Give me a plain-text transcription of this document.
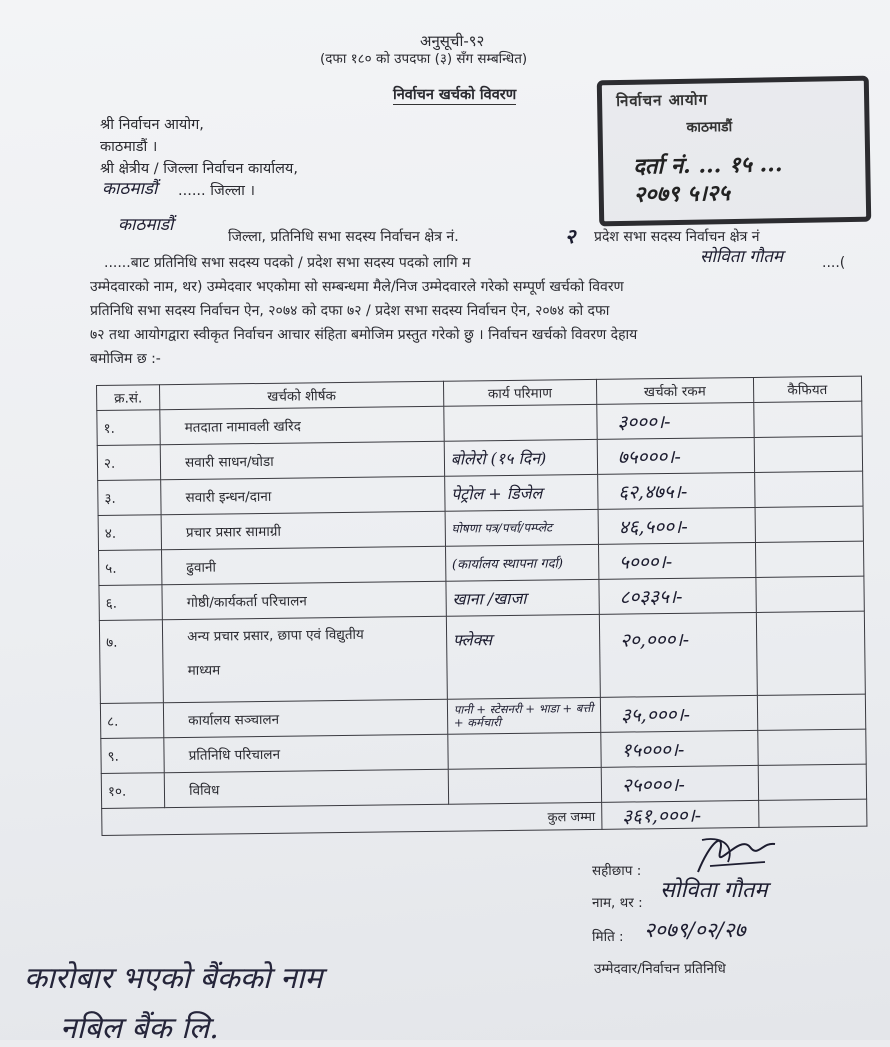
अनुसूची-९२
(दफा १८० को उपदफा (३) सँग सम्बन्धित)
निर्वाचन खर्चको विवरण	निर्वाचन आयोग
काठमाडौं
दर्ता नं. ... १५ ...
२०७९ ५।२५
श्री निर्वाचन आयोग,
काठमाडौं ।
श्री क्षेत्रीय / जिल्ला निर्वाचन कार्यालय,
काठमाडौं ...... जिल्ला ।
काठमाडौं
जिल्ला, प्रतिनिधि सभा सदस्य निर्वाचन क्षेत्र नं.	२ प्रदेश सभा सदस्य निर्वाचन क्षेत्र नं
......बाट प्रतिनिधि सभा सदस्य पदको / प्रदेश सभा सदस्य पदको लागि म	सोविता गौतम	....(
उम्मेदवारको नाम, थर) उम्मेदवार भएकोमा सो सम्बन्धमा मैले/निज उम्मेदवारले गरेको सम्पूर्ण खर्चको विवरण
प्रतिनिधि सभा सदस्य निर्वाचन ऐन, २०७४ को दफा ७२ / प्रदेश सभा सदस्य निर्वाचन ऐन, २०७४ को दफा
७२ तथा आयोगद्वारा स्वीकृत निर्वाचन आचार संहिता बमोजिम प्रस्तुत गरेको छु । निर्वाचन खर्चको विवरण देहाय
बमोजिम छ :-
क्र.सं.	खर्चको शीर्षक	कार्य परिमाण	खर्चको रकम	कैफियत
१.	मतदाता नामावली खरिद		३०००।-	
२.	सवारी साधन/घोडा	बोलेरो (१५ दिन)	७५०००।-	
३.	सवारी इन्धन/दाना	पेट्रोल + डिजेल	६२,४७५।-	
४.	प्रचार प्रसार सामाग्री	घोषणा पत्र/पर्चा/पम्प्लेट	४६,५००।-	
५.	ढुवानी	(कार्यालय स्थापना गर्दा)	५०००।-	
६.	गोष्ठी/कार्यकर्ता परिचालन	खाना /खाजा	८०३३५।-	
७.	अन्य प्रचार प्रसार, छापा एवं विद्युतीय
माध्यम	फ्लेक्स	२०,०००।-	
८.	कार्यालय सञ्चालन	पानी + स्टेसनरी + भाडा + बत्ती + कर्मचारी	३५,०००।-	
९.	प्रतिनिधि परिचालन		१५०००।-	
१०.	विविध		२५०००।-	
कुल जम्मा			३६१,०००।-	
सहीछाप :
नाम, थर : सोविता गौतम
मिति : २०७९/०२/२७
उम्मेदवार/निर्वाचन प्रतिनिधि
कारोबार भएको बैंकको नाम
नबिल बैंक लि.
